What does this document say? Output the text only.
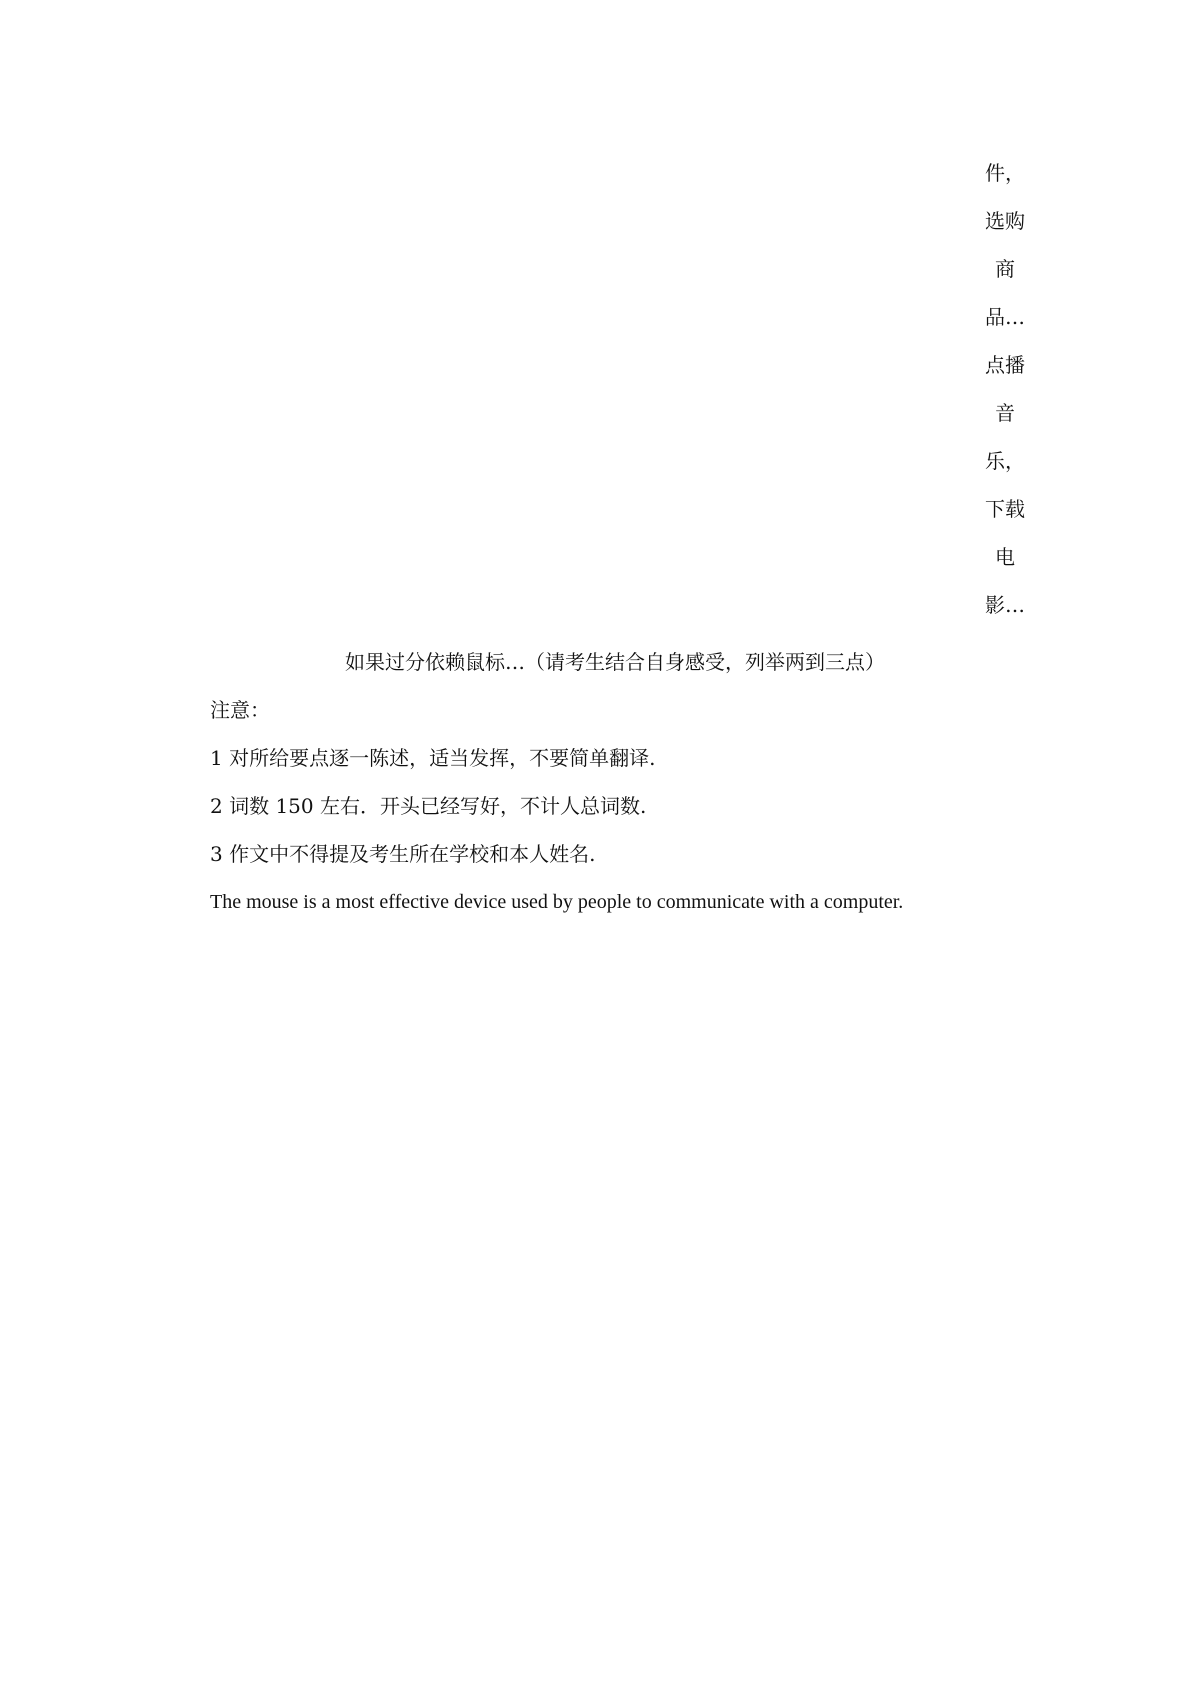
件，
选购
商
品…
点播
音
乐，
下载
电
影…
如果过分依赖鼠标…（请考生结合自身感受，列举两到三点）
注意：
1 对所给要点逐一陈述，适当发挥，不要简单翻译.
2 词数 150 左右．开头已经写好，不计人总词数.
3 作文中不得提及考生所在学校和本人姓名.
The mouse is a most effective device used by people to communicate with a computer.
